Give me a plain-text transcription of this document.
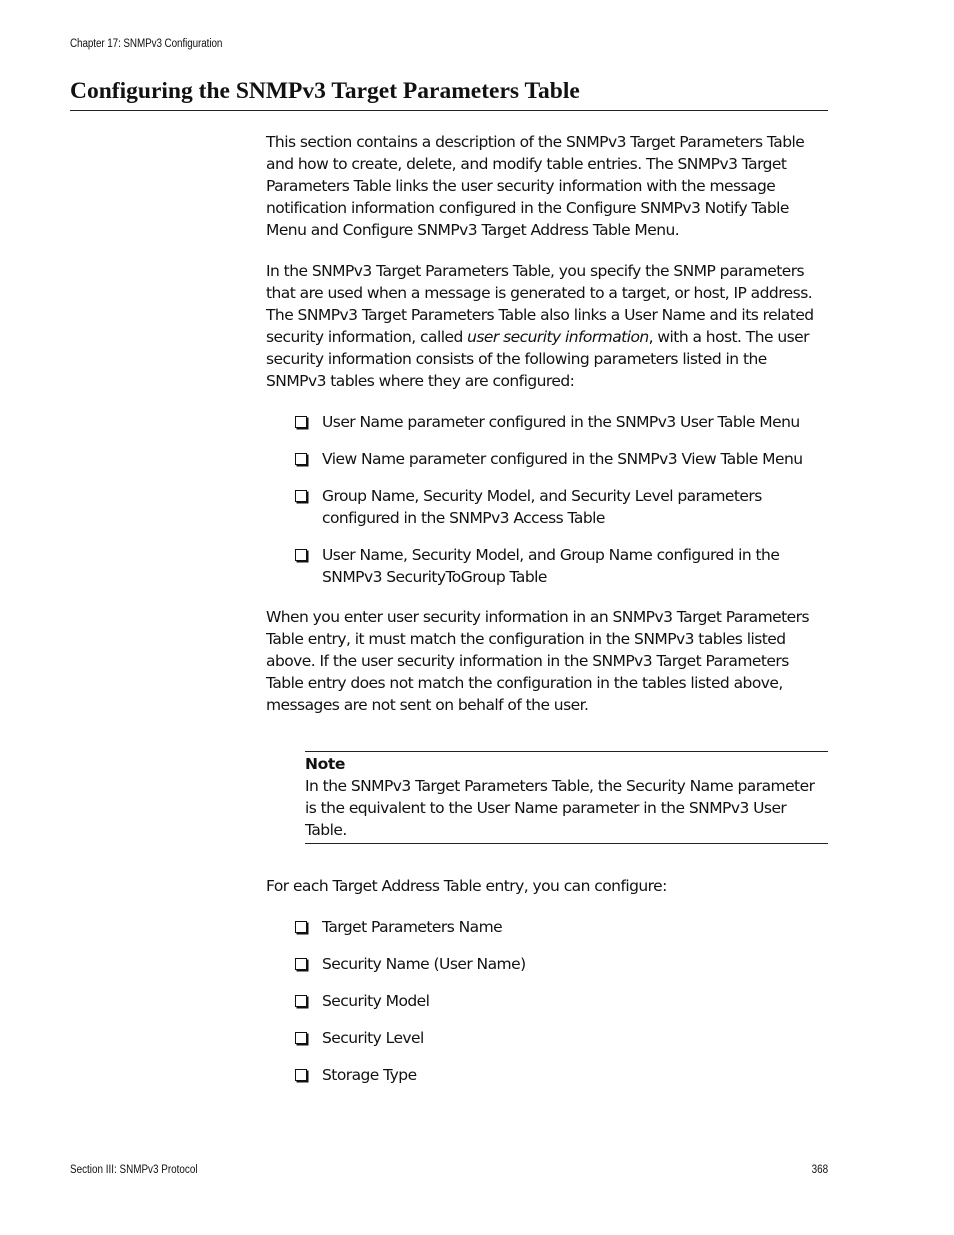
Chapter 17: SNMPv3 Configuration
Configuring the SNMPv3 Target Parameters Table

This section contains a description of the SNMPv3 Target Parameters Table and how to create, delete, and modify table entries. The SNMPv3 Target Parameters Table links the user security information with the message notification information configured in the Configure SNMPv3 Notify Table Menu and Configure SNMPv3 Target Address Table Menu.

In the SNMPv3 Target Parameters Table, you specify the SNMP parameters that are used when a message is generated to a target, or host, IP address. The SNMPv3 Target Parameters Table also links a User Name and its related security information, called user security information, with a host. The user security information consists of the following parameters listed in the SNMPv3 tables where they are configured:

User Name parameter configured in the SNMPv3 User Table Menu
View Name parameter configured in the SNMPv3 View Table Menu
Group Name, Security Model, and Security Level parameters configured in the SNMPv3 Access Table
User Name, Security Model, and Group Name configured in the SNMPv3 SecurityToGroup Table

When you enter user security information in an SNMPv3 Target Parameters Table entry, it must match the configuration in the SNMPv3 tables listed above. If the user security information in the SNMPv3 Target Parameters Table entry does not match the configuration in the tables listed above, messages are not sent on behalf of the user.

Note
In the SNMPv3 Target Parameters Table, the Security Name parameter is the equivalent to the User Name parameter in the SNMPv3 User Table.

For each Target Address Table entry, you can configure:

Target Parameters Name
Security Name (User Name)
Security Model
Security Level
Storage Type
Section III: SNMPv3 Protocol	368
